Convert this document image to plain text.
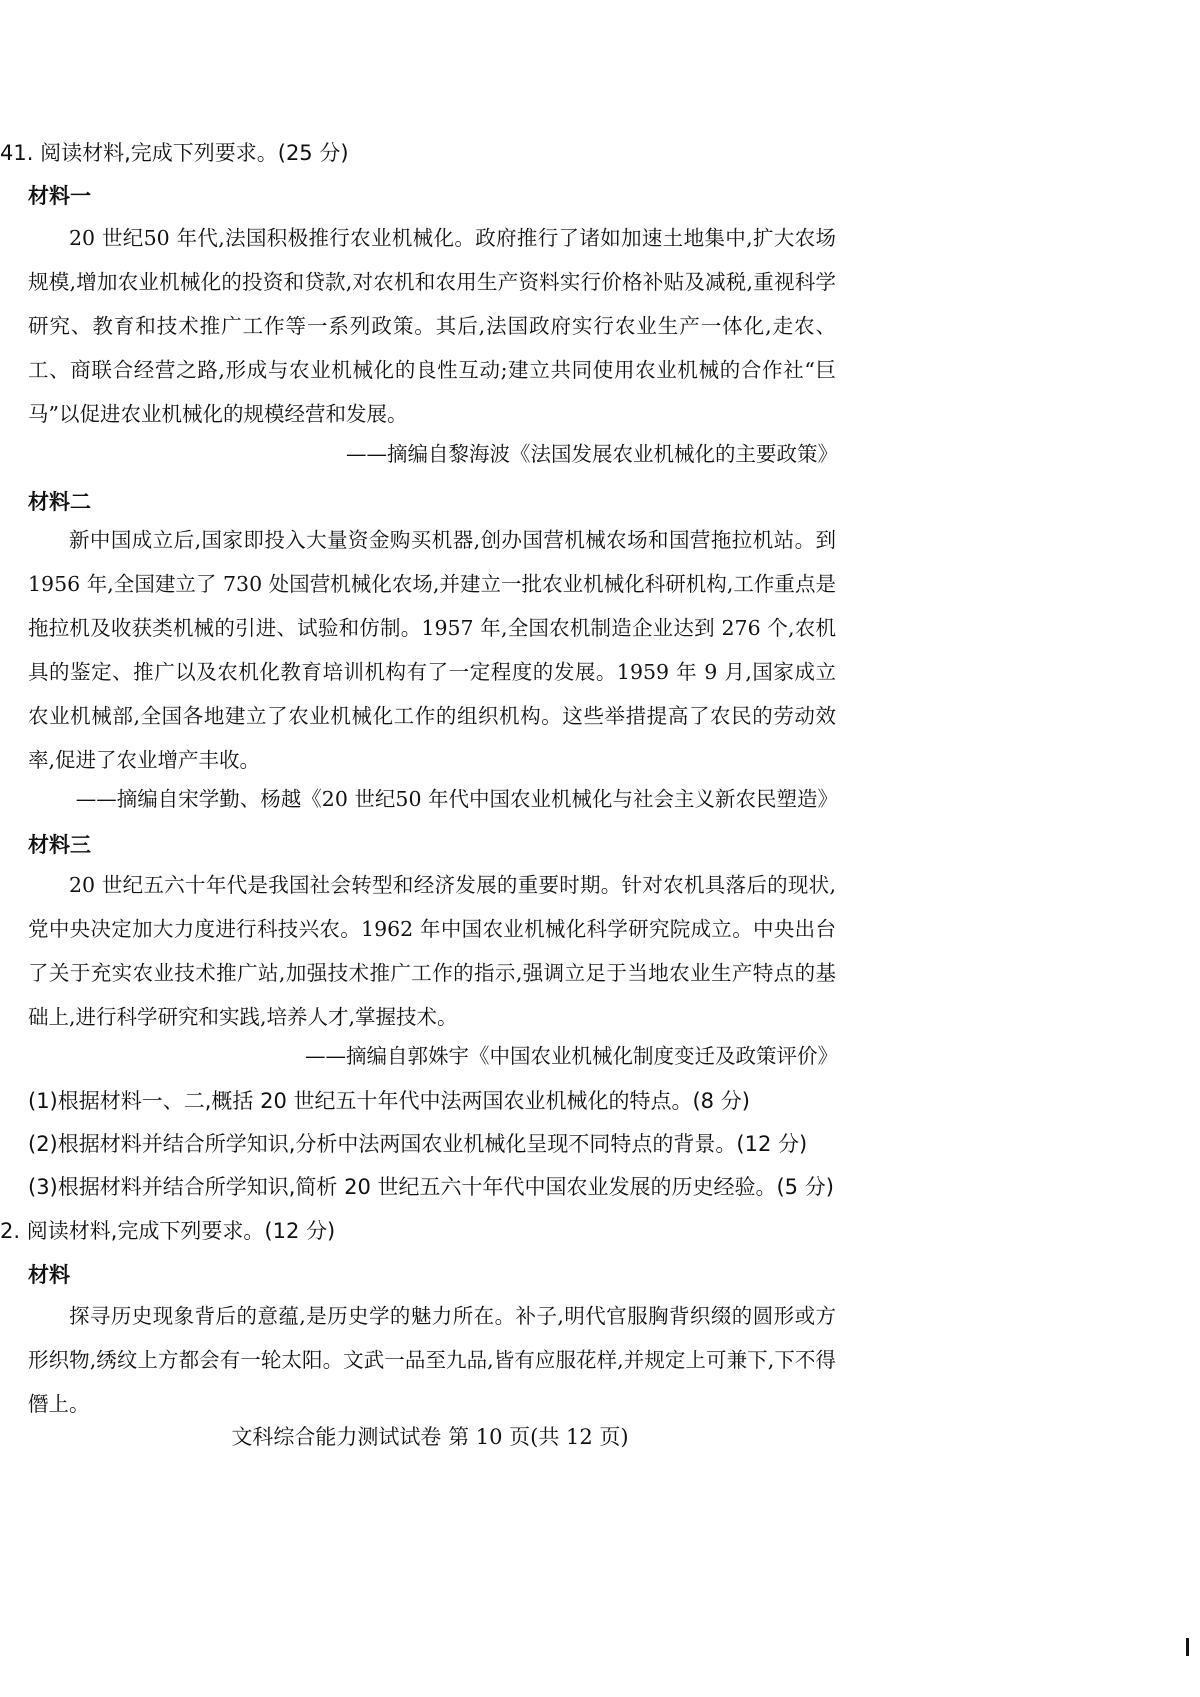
41. 阅读材料,完成下列要求。(25 分)
材料一

20 世纪50 年代,法国积极推行农业机械化。政府推行了诸如加速土地集中,扩大农场规模,增加农业机械化的投资和贷款,对农机和农用生产资料实行价格补贴及减税,重视科学研究、教育和技术推广工作等一系列政策。其后,法国政府实行农业生产一体化,走农、工、商联合经营之路,形成与农业机械化的良性互动;建立共同使用农业机械的合作社“巨马”以促进农业机械化的规模经营和发展。

——摘编自黎海波《法国发展农业机械化的主要政策》
材料二

新中国成立后,国家即投入大量资金购买机器,创办国营机械农场和国营拖拉机站。到 1956 年,全国建立了 730 处国营机械化农场,并建立一批农业机械化科研机构,工作重点是拖拉机及收获类机械的引进、试验和仿制。1957 年,全国农机制造企业达到 276 个,农机具的鉴定、推广以及农机化教育培训机构有了一定程度的发展。1959 年 9 月,国家成立农业机械部,全国各地建立了农业机械化工作的组织机构。这些举措提高了农民的劳动效率,促进了农业增产丰收。

——摘编自宋学勤、杨越《20 世纪50 年代中国农业机械化与社会主义新农民塑造》
材料三

20 世纪五六十年代是我国社会转型和经济发展的重要时期。针对农机具落后的现状,党中央决定加大力度进行科技兴农。1962 年中国农业机械化科学研究院成立。中央出台了关于充实农业技术推广站,加强技术推广工作的指示,强调立足于当地农业生产特点的基础上,进行科学研究和实践,培养人才,掌握技术。

——摘编自郭姝宇《中国农业机械化制度变迁及政策评价》
(1)根据材料一、二,概括 20 世纪五十年代中法两国农业机械化的特点。(8 分)
(2)根据材料并结合所学知识,分析中法两国农业机械化呈现不同特点的背景。(12 分)
(3)根据材料并结合所学知识,简析 20 世纪五六十年代中国农业发展的历史经验。(5 分)
2. 阅读材料,完成下列要求。(12 分)
材料

探寻历史现象背后的意蕴,是历史学的魅力所在。补子,明代官服胸背织缀的圆形或方形织物,绣纹上方都会有一轮太阳。文武一品至九品,皆有应服花样,并规定上可兼下,下不得僭上。

文科综合能力测试试卷 第 10 页(共 12 页)
